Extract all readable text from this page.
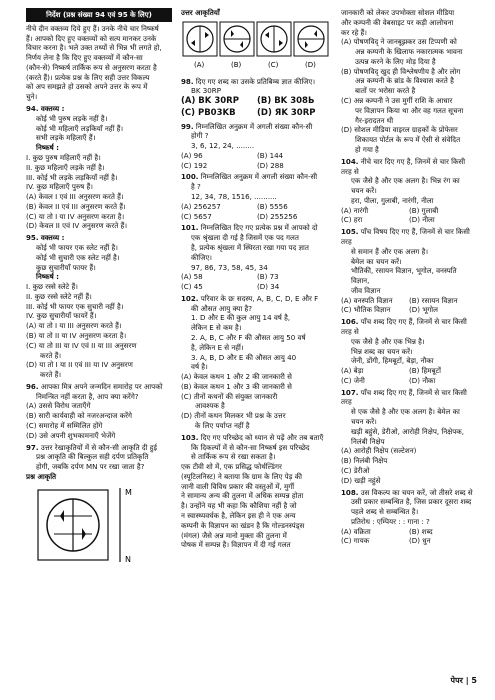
निर्देश (प्रश्न संख्या 94 एवं 95 के लिए)

नीचे दीन वक्तव्य दिये हुए हैं। उनके नीचे चार निष्कर्ष

हैं। आपको दिए हुए वक्तव्यों को सत्य मानकर उनके

विचार करना है। भले उक्त तथ्यों से भिन्न भी लगते हो,

निर्णय लेना है कि दिए हुए वक्तव्यों में कौन-सा

(कौन-से) निष्कर्ष तार्किक रूप से अनुसरण करता है

(करते हैं)। प्रत्येक प्रश्न के लिए सही उत्तर विकल्प

को अप समझते हो उसको अपने उत्तर के रूप में

चुने।

94. वक्तव्य :

कोई भी पुरुष लड़के नहीं है।

कोई भी महिलाएँ लड़कियाँ नहीं हैं।

सभी लड़के महिलाएँ हैं।

निष्कर्ष :

I. कुछ पुरुष महिलाएँ नहीं है।

II. कुछ महिलाएँ लड़के नहीं है।

III. कोई भी लड़के लड़कियाँ नहीं है।

IV. कुछ महिलाएँ पुरुष हैं।

(A) केवल I एवं III अनुसरण करते हैं।

(B) केवल II एवं III अनुसरण करते हैं।

(C) या तो I या IV अनुसरण करता है।

(D) केवल II एवं IV अनुसरण करते हैं।

95. वक्तव्य :

कोई भी फायर एक स्लेट नहीं है।

कोई भी सुचारी एक स्लेट नहीं है।

कुछ सुचारीयाँ फायर हैं।

निष्कर्ष :

I. कुछ रस्से स्लेटे हैं।

II. कुछ रस्से स्लेटे नहीं हैं।

III. कोई भी फायर एक सुचारी नहीं है।

IV. कुछ सुचारीयाँ फायरें हैं।

(A) या तो I या III अनुसरण करते हैं।

(B) या तो II या IV अनुसरण करता है।

(C) या तो III या IV एवं II या III अनुसरण

करते हैं।

(D) या तो I या II एवं III या IV अनुसरण

करते हैं।

96. आपका मित्र अपने जन्मदिन समारोह पर आपको

निमन्त्रित नहीं करता है, आप क्या करेंगे?

(A) उससे विरोध जताएँगे

(B) सारी कार्यवाही को नजरअन्दाज करेंगे

(C) समारोह में सम्मिलित होंगे

(D) उसे अपनी शुभकामनाएँ भेजेंगे

97. उत्तर रेखाकृतियों में से कौन-सी आकृति दी हुई

प्रश्न आकृति की बिल्कुल सही दर्पण प्रतिकृति

होगी, जबकि दर्पण MN पर रखा जाता है?

प्रश्न आकृति

M
N

उत्तर आकृतियाँ

(A)	(B)	(C)	(D)

98. दिए गए शब्द का उसके प्रतिबिम्ब ज्ञात कीजिए।

BK 30RP

(A) BK 30RP	(B) BK 308Ь
(C) PB03KB	(D) ЯK 30RP

99. निम्नलिखित अनुक्रम में अगली संख्या कौन-सी

होगी ?

3, 6, 12, 24, ........

(A) 96	(B) 144
(C) 192	(D) 288

100. निम्नलिखित अनुक्रम में अगली संख्या कौन-सी

है ?

12, 34, 78, 1516, ..........

(A) 256257	(B) 5556
(C) 5657	(D) 255256

101. निम्नलिखित दिए गए प्रत्येक प्रश्न में आपको दो

एक श्रृंखला दी गई है जिसमें एक पद गलत

है, प्रत्येक श्रृंखला में स्थिरता रखा गया पद ज्ञात

कीजिए।

97, 86, 73, 58, 45, 34

(A) 58	(B) 73
(C) 45	(D) 34

102. परिवार के छः सदस्य, A, B, C, D, E और F

की औसत आयु क्या है?

1. D और E की कुल आयु 14 वर्ष है,

लेकिन E से कम है।

2. A, B, C और F की औसत आयु 50 वर्ष

है, लेकिन E से नहीं।

3. A, B, D और E की औसत आयु 40

वर्ष है।

(A) केवल कथन 1 और 2 की जानकारी से

(B) केवल कथन 1 और 3 की जानकारी से

(C) तीनों कथनों की संयुक्त जानकारी

आवश्यक है

(D) तीनों कथन मिलकर भी प्रश्न के उत्तर

के लिए पर्याप्त नहीं है

103. दिए गए परिच्छेद को ध्यान से पढ़ें और तब बताएँ

कि दिकल्पों में से कौन-सा निष्कर्ष इस परिच्छेद

से तार्किक रूप से रखा सकता है।

एक टीवी शो में, एक प्रसिद्ध फोर्थल्डिंगर

(स्पूटिलनिस्ट) ने बताया कि ग्राम के लिए पेड़ की

जानी वाली विविध प्रकार की वस्तुओं में, मुर्गी

ने सामान्य अन्य की तुलना में अधिक सम्पन्न होता

है। उन्होंने यह भी कहा कि कौशिया नहीं है जो

न स्वास्थ्यवर्धक है, लेकिन इस ही ने एक अन्य

कम्पनी के विज्ञापन का खंडन है कि गोल्डनस्पंड्स

(मंगल) जैसे अन्न मानो मुक्ता की तुलना में

पोषक में सम्पन्न है। विज्ञापन में दी गई गलत

जानकारी को लेकर उपभोक्ता सोशल मीडिया

और कम्पनी की वेबसाइट पर कड़ी आलोचना

कर रहे हैं।

(A) पोषणविद् ने जानबूझकर उस टिप्पणी को

अन्न कम्पनी के खिलाफ नकारात्मक भावना

उत्पन्न करने के लिए मोड़ दिया है

(B) पोषणविद् खुद ही विश्लेषणीय है और लोग

अन्न कम्पनी के ब्रांड के विश्वास करते है

बातों पर भरोसा करते है

(C) अन्न कम्पनी ने उस मुर्गी राशि के आधार

पर विज्ञापन किया था और वह गलत सूचना

गैर-इरादतन थी

(D) सोशल मीडिया वाइरल ग्राहकों के प्रोफेसर

शिकायत पोर्टल के रूप में ऐसी से संवेदित

हो गया है

104. नीचे चार दिए गए है, जिनमें से चार किसी तरह से

एक जैसे है और एक अलग है। भिन्न रंग का

चयन करें।

हरा, पीला, गुलाबी, नारंगी, नीला

(A) नारंगी	(B) गुलाबी
(C) हरा	(D) नीला

105. पाँच विषय दिए गए हैं, जिनमें से चार किसी तरह

से समान हैं और एक अलग है।

बेमेल का चयन करें।

भौतिकी, रसायन विज्ञान, भूगोल, वनस्पति विज्ञान,

जीव विज्ञान

(A) वनस्पति विज्ञान	(B) रसायन विज्ञान
(C) भौतिक विज्ञान	(D) भूगोल

106. पाँच शब्द दिए गए हैं, जिनमें से चार किसी तरह से

एक जैसे है और एक भिन्न है।

भिन्न शब्द का चयन करें।

जेनी, डोंगी, हिमबूटों, बेड़ा, नौका

(A) बेड़ा	(B) हिमबूटों
(C) जेनी	(D) नौका

107. पाँच शब्द दिए गए हैं, जिनमें से चार किसी तरह

से एक जैसे है और एक अलग है। बेमेल का

चयन करें।

खड़ी बहुंसे, डेरीओ, आरोही निक्षेप, निक्षेपक,

निलंबी निक्षेप

(A) आरोही निक्षेप (सल्टेशन)

(B) निलंबी निक्षेप

(C) डेरीओ

(D) खड़ी नहुंसे

108. उस विकल्प का चयन करें, जो तीसरे शब्द से

उसी प्रकार सम्बन्धित है, जिस प्रकार दूसरा शब्द

पहले शब्द से सम्बन्धित है।

प्रतिरोध : एम्पियर : : गाना : ?

(A) वक्रिता	(B) शब्द
(C) गायक	(D) धुन
पेपर | 5
